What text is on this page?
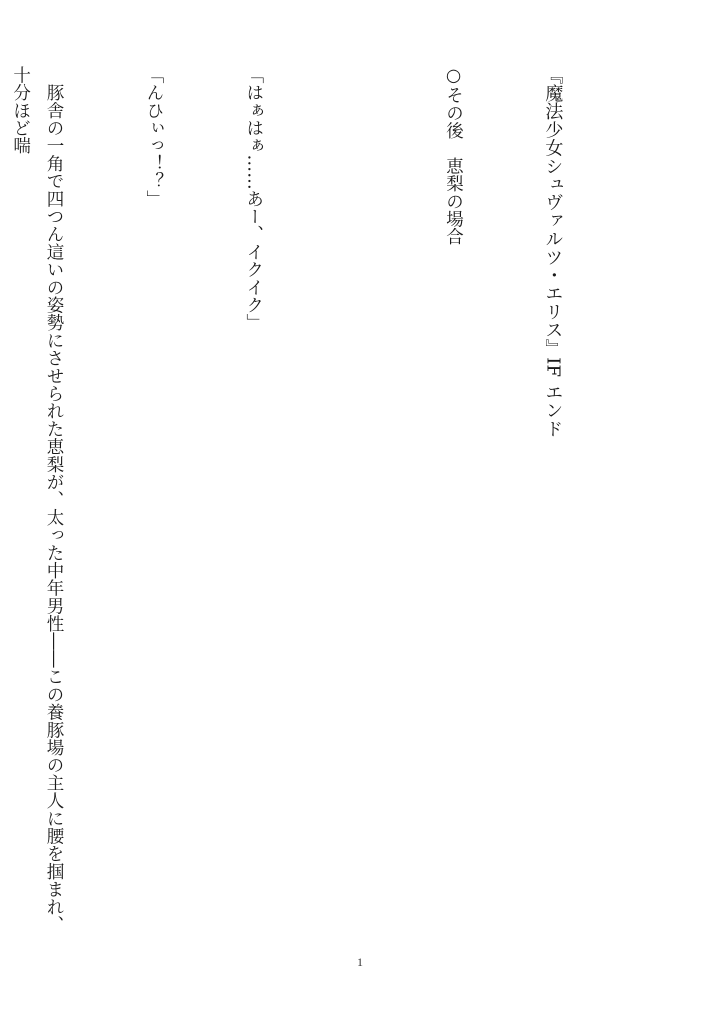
『魔法少女シュヴァルツ・エリス』IF エンド

○その後　恵梨の場合

「はぁはぁ……あー、イクイク」

「んひぃっ！？」

　豚舎の一角で四つん這いの姿勢にさせられた恵梨が、太った中年男性――この養豚場の主人に腰を掴まれ、十分ほど喘

1
